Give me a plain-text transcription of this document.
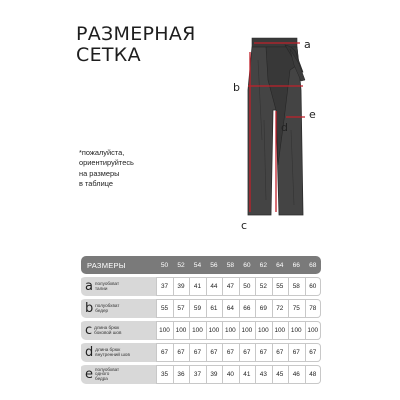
РАЗМЕРНАЯ
СЕТКА
*пожалуйста,
ориентируйтесь
на размеры
в таблице
a
b
e
d
c
РАЗМЕРЫ	50	52	54	56	58	60	62	64	66	68

a полуобхват
талии	37	39	41	44	47	50	52	55	58	60

b полуобхват
бедер	55	57	59	61	64	66	69	72	75	78

c длина брюк
боковой шов	100	100	100	100	100	100	100	100	100	100

d длина брюк
внутренний шов	67	67	67	67	67	67	67	67	67	67

e полуобхват
одного
бедра	35	36	37	39	40	41	43	45	46	48
